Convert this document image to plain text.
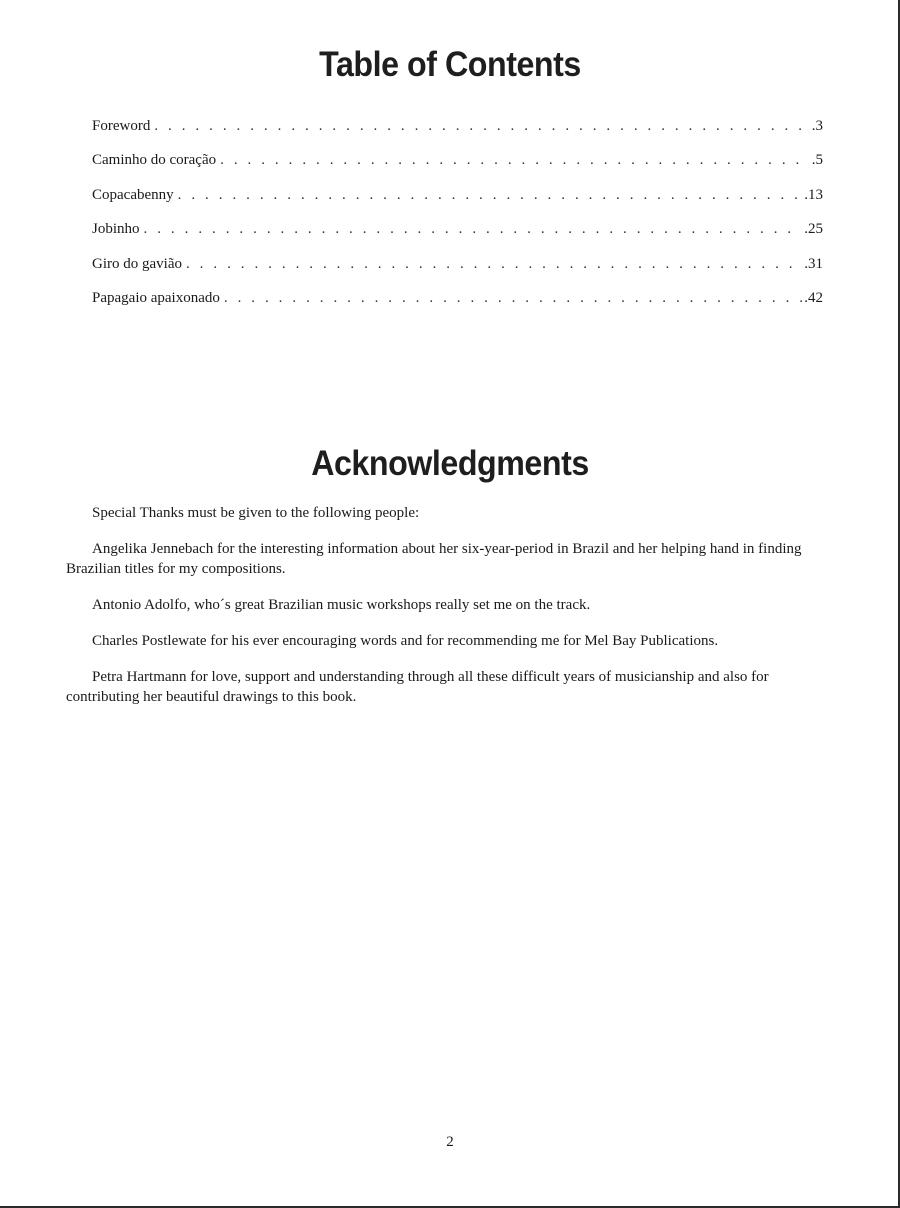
Table of Contents
Foreword . . .	.3
Caminho do coração . . .	.5
Copacabenny . . .	.13
Jobinho . . .	.25
Giro do gavião . . .	.31
Papagaio apaixonado . . .	.42
Acknowledgments

Special Thanks must be given to the following people:

Angelika Jennebach for the interesting information about her six-year-period in Brazil and her helping hand in finding Brazilian titles for my compositions.

Antonio Adolfo, who´s great Brazilian music workshops really set me on the track.

Charles Postlewate for his ever encouraging words and for recommending me for Mel Bay Publications.

Petra Hartmann for love, support and understanding through all these difficult years of musicianship and also for contributing her beautiful drawings to this book.

2
